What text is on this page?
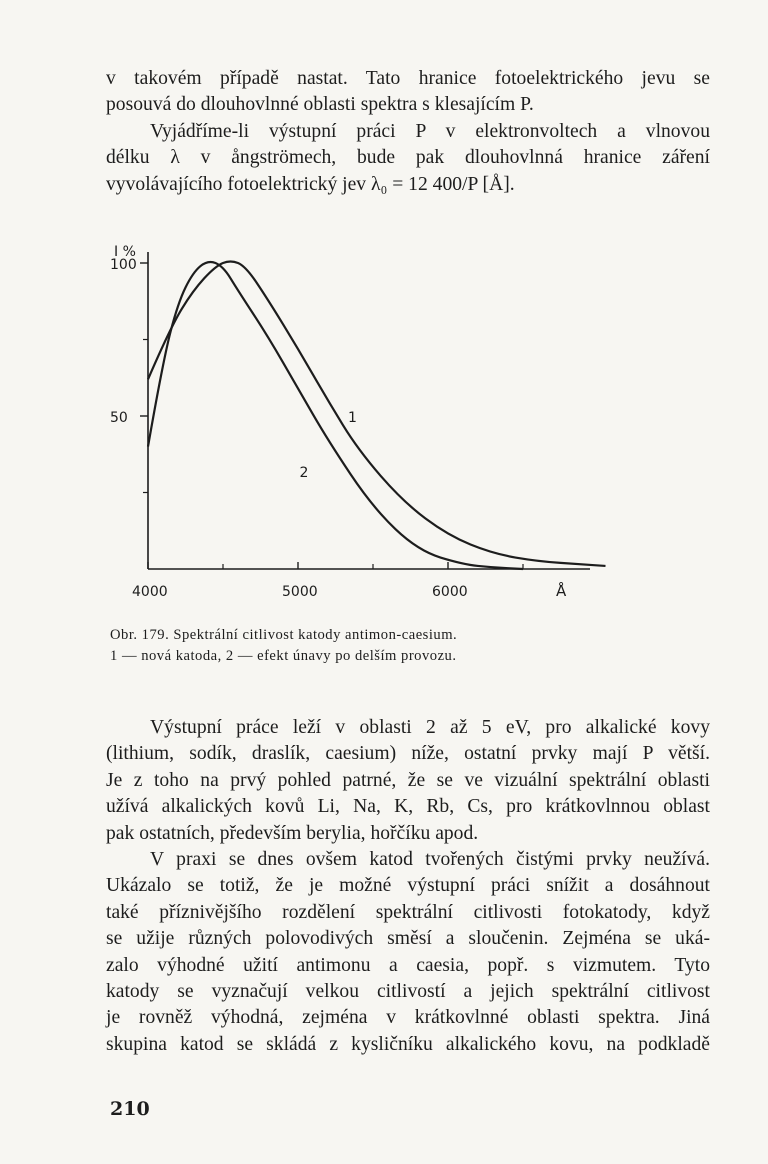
v takovém případě nastat. Tato hranice fotoelektrického jevu se
posouvá do dlouhovlnné oblasti spektra s klesajícím P.
Vyjádříme-li výstupní práci P v elektronvoltech a vlnovou
délku λ v ångströmech, bude pak dlouhovlnná hranice záření
vyvolávajícího fotoelektrický jev λ₀ = 12 400/P [Å].
4000	5000	6000
50
100
1
2
I %
Å
Obr. 179. Spektrální citlivost katody antimon-caesium.
1 — nová katoda, 2 — efekt únavy po delším provozu.
Výstupní práce leží v oblasti 2 až 5 eV, pro alkalické kovy
(lithium, sodík, draslík, caesium) níže, ostatní prvky mají P větší.
Je z toho na prvý pohled patrné, že se ve vizuální spektrální oblasti
užívá alkalických kovů Li, Na, K, Rb, Cs, pro krátkovlnnou oblast
pak ostatních, především berylia, hořčíku apod.
V praxi se dnes ovšem katod tvořených čistými prvky neužívá.
Ukázalo se totiž, že je možné výstupní práci snížit a dosáhnout
také příznivějšího rozdělení spektrální citlivosti fotokatody, když
se užije různých polovodivých směsí a sloučenin. Zejména se uká-
zalo výhodné užití antimonu a caesia, popř. s vizmutem. Tyto
katody se vyznačují velkou citlivostí a jejich spektrální citlivost
je rovněž výhodná, zejména v krátkovlnné oblasti spektra. Jiná
skupina katod se skládá z kysličníku alkalického kovu, na podkladě
210
